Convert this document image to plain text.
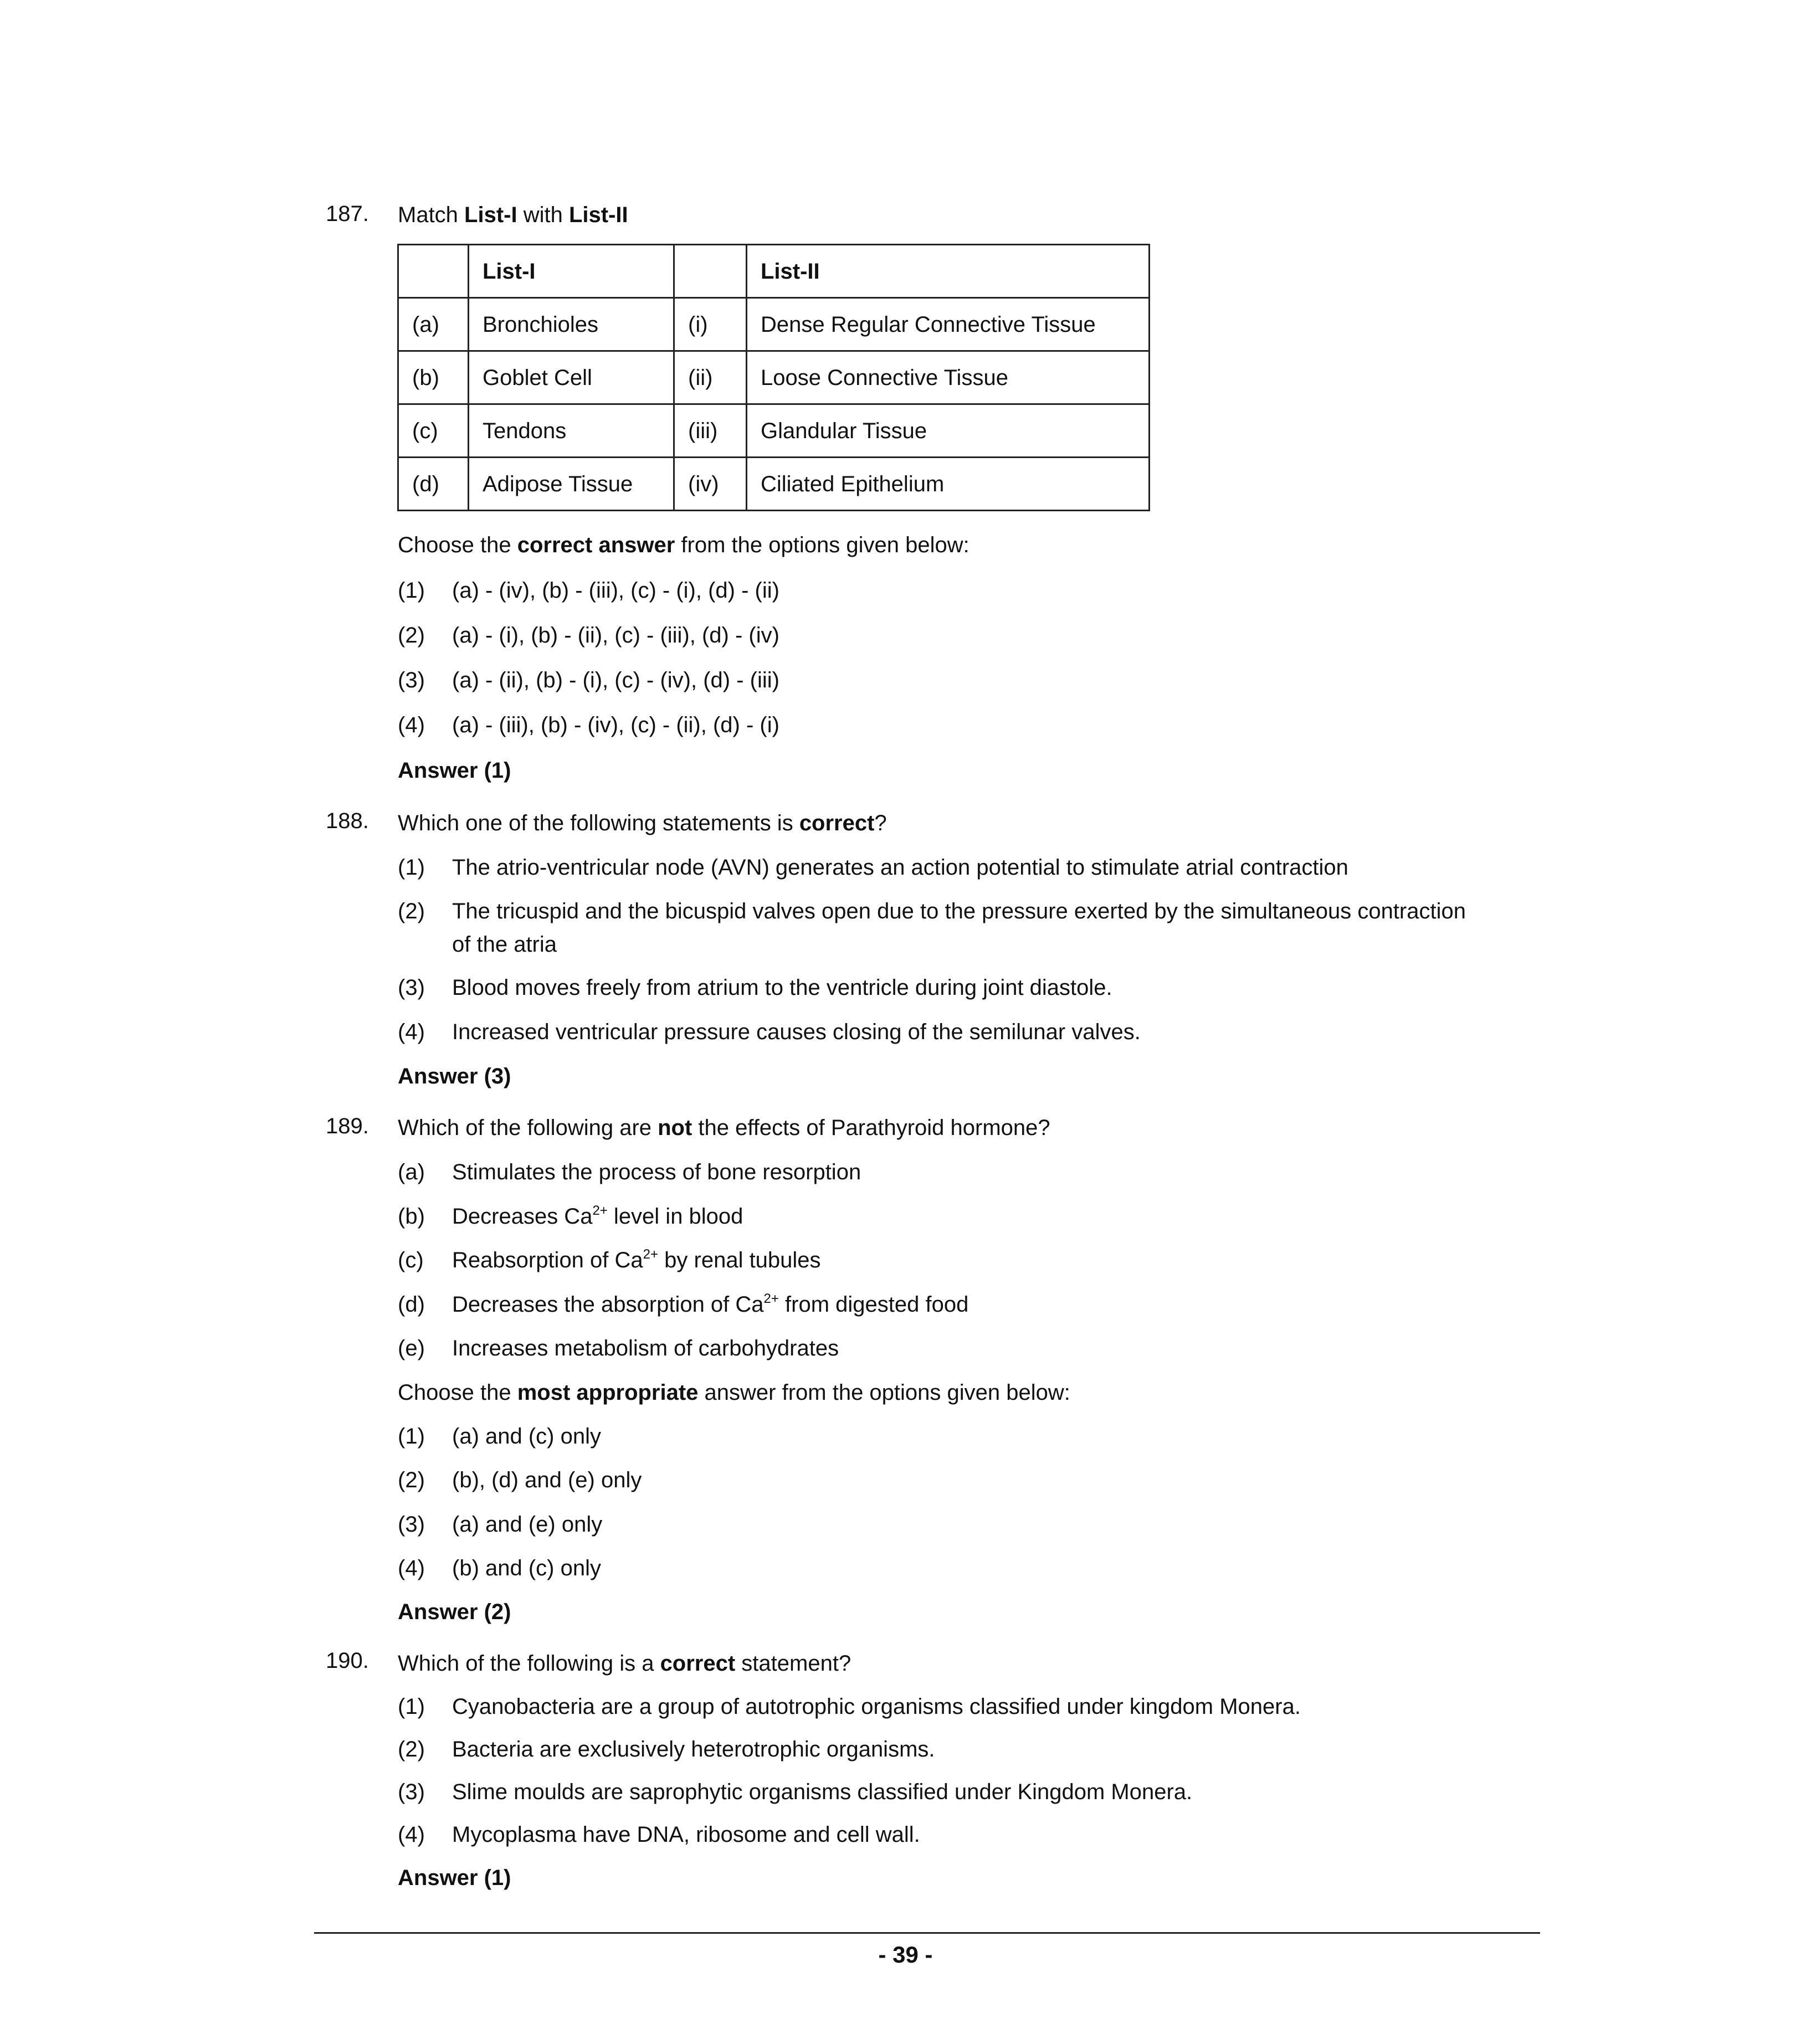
187. Match List-I with List-II
	List-I		List-II
(a)	Bronchioles	(i)	Dense Regular Connective Tissue
(b)	Goblet Cell	(ii)	Loose Connective Tissue
(c)	Tendons	(iii)	Glandular Tissue
(d)	Adipose Tissue	(iv)	Ciliated Epithelium
Choose the correct answer from the options given below:
(1) (a) - (iv), (b) - (iii), (c) - (i), (d) - (ii)
(2) (a) - (i), (b) - (ii), (c) - (iii), (d) - (iv)
(3) (a) - (ii), (b) - (i), (c) - (iv), (d) - (iii)
(4) (a) - (iii), (b) - (iv), (c) - (ii), (d) - (i)
Answer (1)
188. Which one of the following statements is correct?
(1) The atrio-ventricular node (AVN) generates an action potential to stimulate atrial contraction
(2) The tricuspid and the bicuspid valves open due to the pressure exerted by the simultaneous contraction
of the atria
(3) Blood moves freely from atrium to the ventricle during joint diastole.
(4) Increased ventricular pressure causes closing of the semilunar valves.
Answer (3)
189. Which of the following are not the effects of Parathyroid hormone?
(a) Stimulates the process of bone resorption
(b) Decreases $Ca^{2+}$ level in blood
(c) Reabsorption of $Ca^{2+}$ by renal tubules
(d) Decreases the absorption of $Ca^{2+}$ from digested food
(e) Increases metabolism of carbohydrates
Choose the most appropriate answer from the options given below:
(1) (a) and (c) only
(2) (b), (d) and (e) only
(3) (a) and (e) only
(4) (b) and (c) only
Answer (2)
190. Which of the following is a correct statement?
(1) Cyanobacteria are a group of autotrophic organisms classified under kingdom Monera.
(2) Bacteria are exclusively heterotrophic organisms.
(3) Slime moulds are saprophytic organisms classified under Kingdom Monera.
(4) Mycoplasma have DNA, ribosome and cell wall.
Answer (1)
- 39 -
